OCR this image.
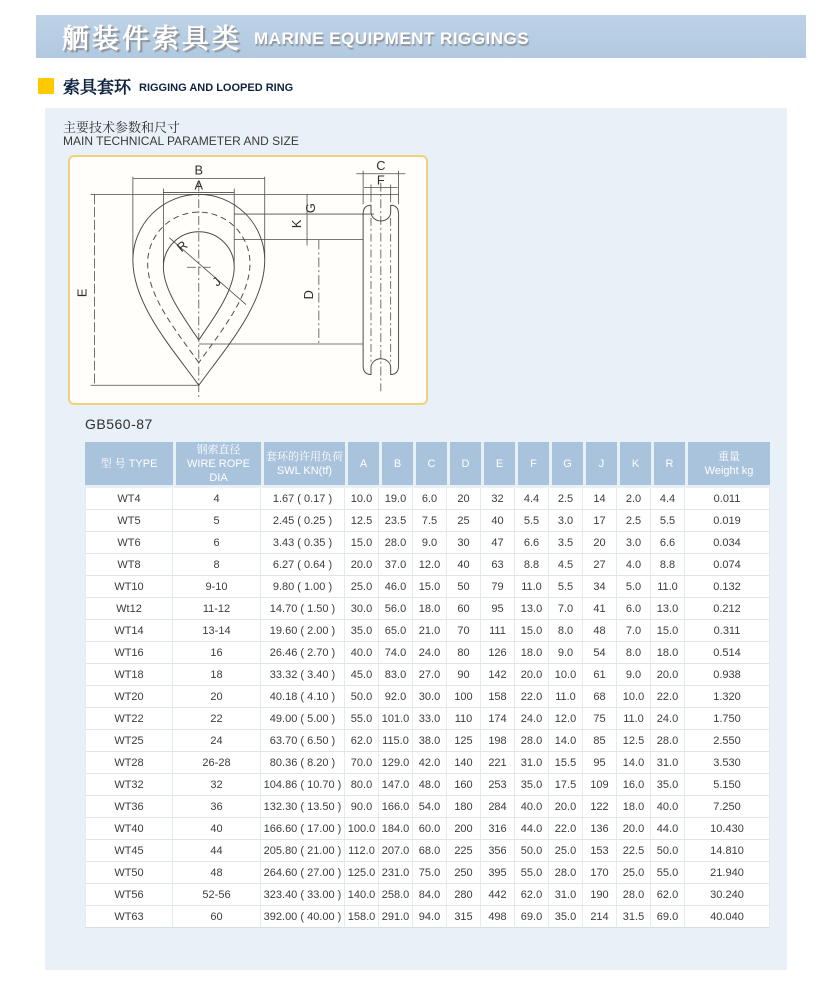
舾装件索具类 MARINE EQUIPMENT RIGGINGS
索具套环 RIGGING AND LOOPED RING
主要技术参数和尺寸
MAIN TECHNICAL PARAMETER AND SIZE
R
J
B
A
E
G
K
D
C
F
GB560-87
型 号 TYPE

钢索直径
WIRE ROPE DIA

套环的许用负荷
SWL KN(tf)

A	B	C	D	E	F	G	J	K	R

重量
Weight kg

WT4	4	1.67 ( 0.17 )	10.0	19.0	6.0	20	32	4.4	2.5	14	2.0	4.4	0.011
WT5	5	2.45 ( 0.25 )	12.5	23.5	7.5	25	40	5.5	3.0	17	2.5	5.5	0.019
WT6	6	3.43 ( 0.35 )	15.0	28.0	9.0	30	47	6.6	3.5	20	3.0	6.6	0.034
WT8	8	6.27 ( 0.64 )	20.0	37.0	12.0	40	63	8.8	4.5	27	4.0	8.8	0.074
WT10	9-10	9.80 ( 1.00 )	25.0	46.0	15.0	50	79	11.0	5.5	34	5.0	11.0	0.132
Wt12	11-12	14.70 ( 1.50 )	30.0	56.0	18.0	60	95	13.0	7.0	41	6.0	13.0	0.212
WT14	13-14	19.60 ( 2.00 )	35.0	65.0	21.0	70	111	15.0	8.0	48	7.0	15.0	0.311
WT16	16	26.46 ( 2.70 )	40.0	74.0	24.0	80	126	18.0	9.0	54	8.0	18.0	0.514
WT18	18	33.32 ( 3.40 )	45.0	83.0	27.0	90	142	20.0	10.0	61	9.0	20.0	0.938
WT20	20	40.18 ( 4.10 )	50.0	92.0	30.0	100	158	22.0	11.0	68	10.0	22.0	1.320
WT22	22	49.00 ( 5.00 )	55.0	101.0	33.0	110	174	24.0	12.0	75	11.0	24.0	1.750
WT25	24	63.70 ( 6.50 )	62.0	115.0	38.0	125	198	28.0	14.0	85	12.5	28.0	2.550
WT28	26-28	80.36 ( 8.20 )	70.0	129.0	42.0	140	221	31.0	15.5	95	14.0	31.0	3.530
WT32	32	104.86 ( 10.70 )	80.0	147.0	48.0	160	253	35.0	17.5	109	16.0	35.0	5.150
WT36	36	132.30 ( 13.50 )	90.0	166.0	54.0	180	284	40.0	20.0	122	18.0	40.0	7.250
WT40	40	166.60 ( 17.00 )	100.0	184.0	60.0	200	316	44.0	22.0	136	20.0	44.0	10.430
WT45	44	205.80 ( 21.00 )	112.0	207.0	68.0	225	356	50.0	25.0	153	22.5	50.0	14.810
WT50	48	264.60 ( 27.00 )	125.0	231.0	75.0	250	395	55.0	28.0	170	25.0	55.0	21.940
WT56	52-56	323.40 ( 33.00 )	140.0	258.0	84.0	280	442	62.0	31.0	190	28.0	62.0	30.240
WT63	60	392.00 ( 40.00 )	158.0	291.0	94.0	315	498	69.0	35.0	214	31.5	69.0	40.040
